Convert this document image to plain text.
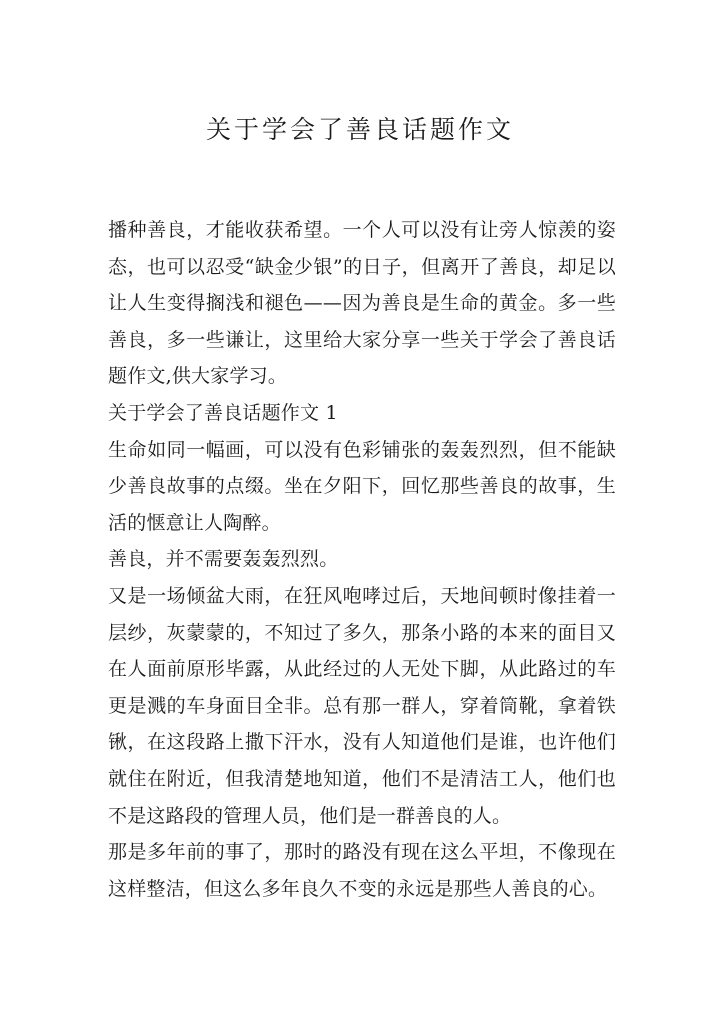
关于学会了善良话题作文

播种善良，才能收获希望。一个人可以没有让旁人惊羡的姿态，也可以忍受“缺金少银”的日子，但离开了善良，却足以让人生变得搁浅和褪色——因为善良是生命的黄金。多一些善良，多一些谦让，这里给大家分享一些关于学会了善良话题作文,供大家学习。

关于学会了善良话题作文 1

生命如同一幅画，可以没有色彩铺张的轰轰烈烈，但不能缺少善良故事的点缀。坐在夕阳下，回忆那些善良的故事，生活的惬意让人陶醉。

善良，并不需要轰轰烈烈。

又是一场倾盆大雨，在狂风咆哮过后，天地间顿时像挂着一层纱，灰蒙蒙的，不知过了多久，那条小路的本来的面目又在人面前原形毕露，从此经过的人无处下脚，从此路过的车更是溅的车身面目全非。总有那一群人，穿着筒靴，拿着铁锹，在这段路上撒下汗水，没有人知道他们是谁，也许他们就住在附近，但我清楚地知道，他们不是清洁工人，他们也不是这路段的管理人员，他们是一群善良的人。

那是多年前的事了，那时的路没有现在这么平坦，不像现在这样整洁，但这么多年良久不变的永远是那些人善良的心。
